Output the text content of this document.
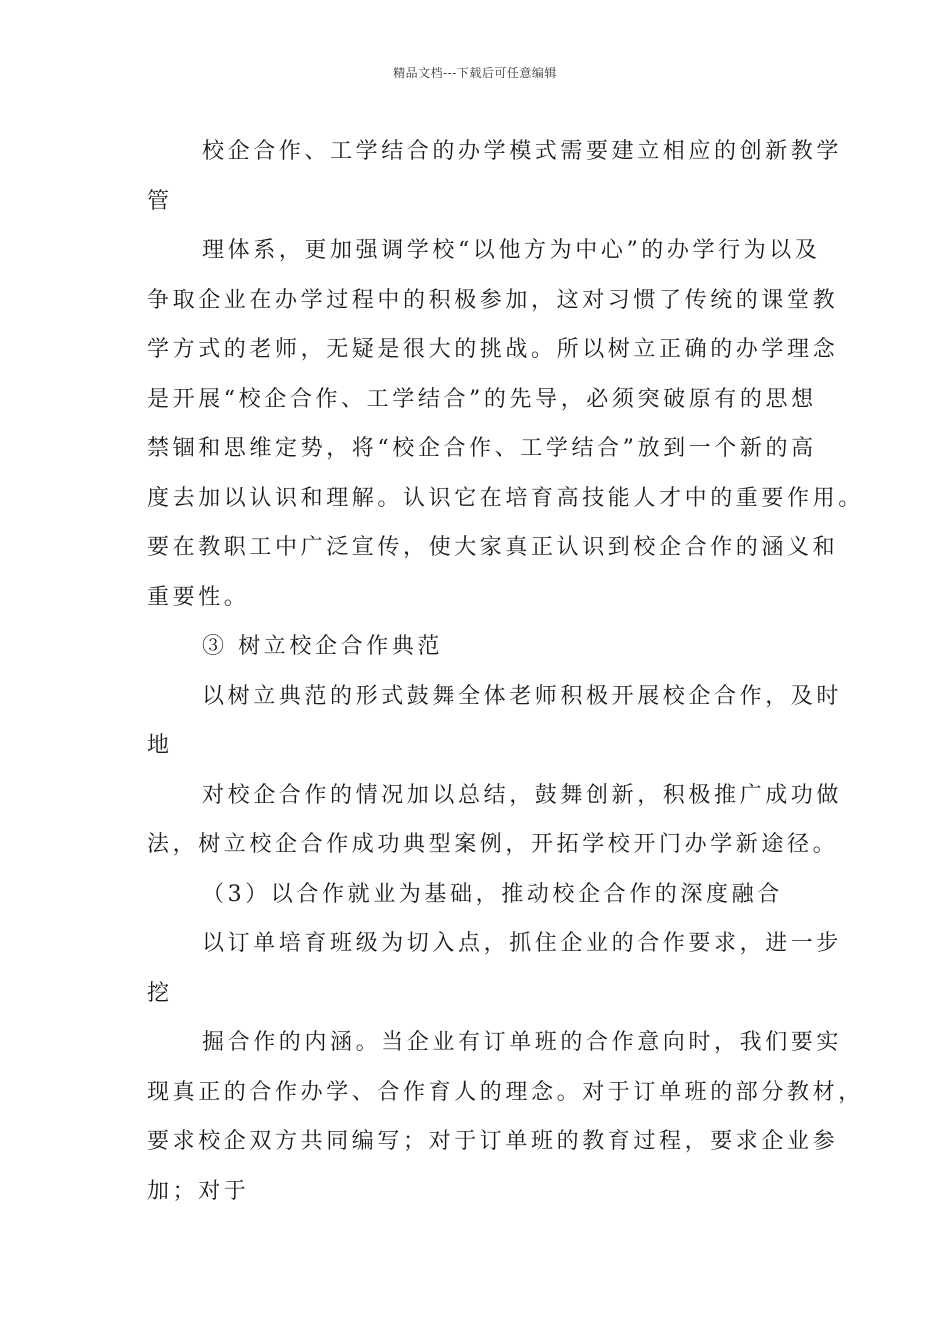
精品文档---下载后可任意编辑
校企合作、工学结合的办学模式需要建立相应的创新教学
管
理体系，更加强调学校“以他方为中心”的办学行为以及
争取企业在办学过程中的积极参加，这对习惯了传统的课堂教
学方式的老师，无疑是很大的挑战。所以树立正确的办学理念
是开展“校企合作、工学结合”的先导，必须突破原有的思想
禁锢和思维定势，将“校企合作、工学结合”放到一个新的高
度去加以认识和理解。认识它在培育高技能人才中的重要作用。
要在教职工中广泛宣传，使大家真正认识到校企合作的涵义和
重要性。
③ 树立校企合作典范
以树立典范的形式鼓舞全体老师积极开展校企合作，及时
地
对校企合作的情况加以总结，鼓舞创新，积极推广成功做
法，树立校企合作成功典型案例，开拓学校开门办学新途径。
（3）以合作就业为基础，推动校企合作的深度融合
以订单培育班级为切入点，抓住企业的合作要求，进一步
挖
掘合作的内涵。当企业有订单班的合作意向时，我们要实
现真正的合作办学、合作育人的理念。对于订单班的部分教材，
要求校企双方共同编写；对于订单班的教育过程，要求企业参
加；对于
